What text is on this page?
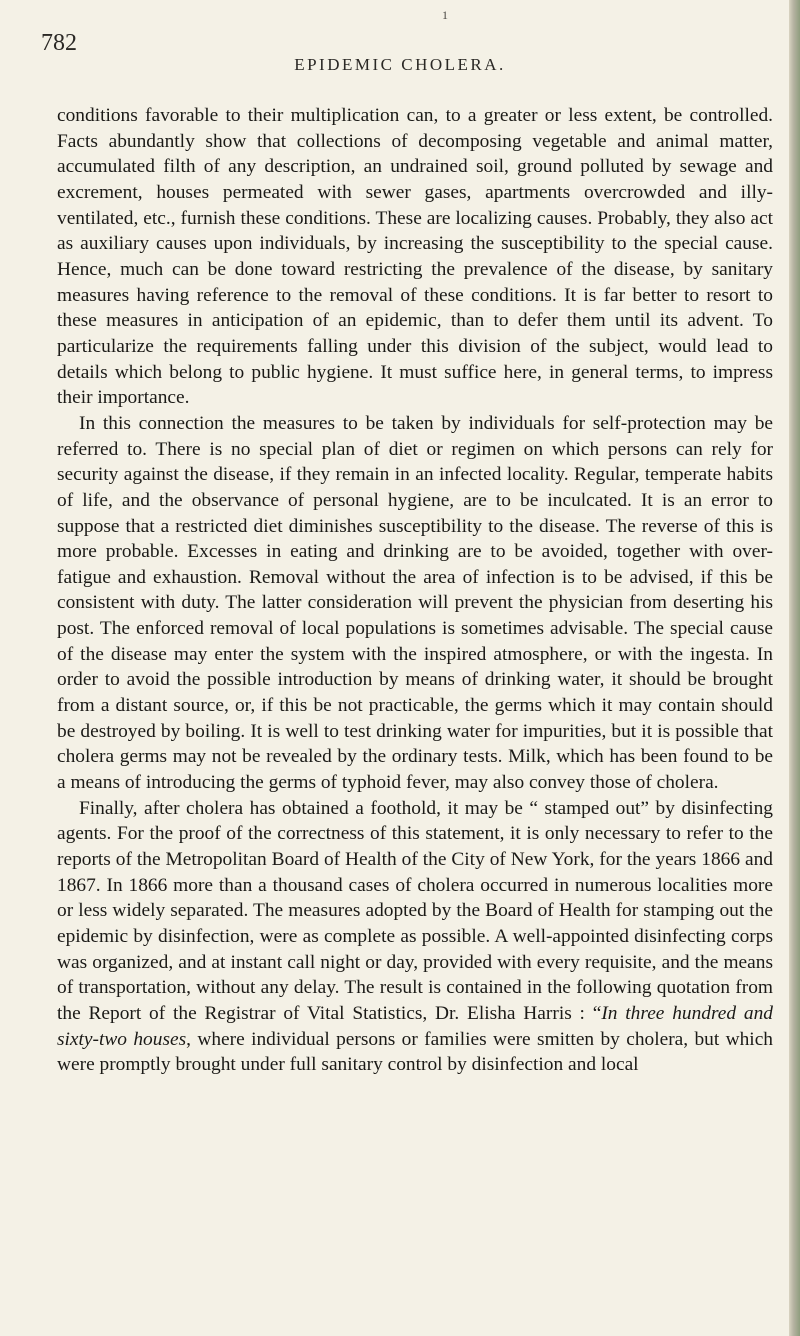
1
782
EPIDEMIC CHOLERA.

conditions favorable to their multiplication can, to a greater or less extent, be controlled. Facts abundantly show that collections of decomposing vegetable and animal matter, accumulated filth of any description, an undrained soil, ground polluted by sewage and excrement, houses permeated with sewer gases, apartments overcrowded and illy-ventilated, etc., furnish these conditions. These are localizing causes. Probably, they also act as auxiliary causes upon individuals, by increasing the susceptibility to the special cause. Hence, much can be done toward restricting the prevalence of the disease, by sanitary measures having reference to the removal of these conditions. It is far better to resort to these measures in anticipation of an epidemic, than to defer them until its advent. To particularize the requirements falling under this division of the subject, would lead to details which belong to public hygiene. It must suffice here, in general terms, to impress their importance.

In this connection the measures to be taken by individuals for self-protection may be referred to. There is no special plan of diet or regimen on which persons can rely for security against the disease, if they remain in an infected locality. Regular, temperate habits of life, and the observance of personal hygiene, are to be inculcated. It is an error to suppose that a restricted diet diminishes susceptibility to the disease. The reverse of this is more probable. Excesses in eating and drinking are to be avoided, together with over-fatigue and exhaustion. Removal without the area of infection is to be advised, if this be consistent with duty. The latter consideration will prevent the physician from deserting his post. The enforced removal of local populations is sometimes advisable. The special cause of the disease may enter the system with the inspired atmosphere, or with the ingesta. In order to avoid the possible introduction by means of drinking water, it should be brought from a distant source, or, if this be not practicable, the germs which it may contain should be destroyed by boiling. It is well to test drinking water for impurities, but it is possible that cholera germs may not be revealed by the ordinary tests. Milk, which has been found to be a means of introducing the germs of typhoid fever, may also convey those of cholera.

Finally, after cholera has obtained a foothold, it may be “ stamped out” by disinfecting agents. For the proof of the correctness of this statement, it is only necessary to refer to the reports of the Metropolitan Board of Health of the City of New York, for the years 1866 and 1867. In 1866 more than a thousand cases of cholera occurred in numerous localities more or less widely separated. The measures adopted by the Board of Health for stamping out the epidemic by disinfection, were as complete as possible. A well-appointed disinfecting corps was organized, and at instant call night or day, provided with every requisite, and the means of transportation, without any delay. The result is contained in the following quotation from the Report of the Registrar of Vital Statistics, Dr. Elisha Harris : “In three hundred and sixty-two houses, where individual persons or families were smitten by cholera, but which were promptly brought under full sanitary control by disinfection and local
